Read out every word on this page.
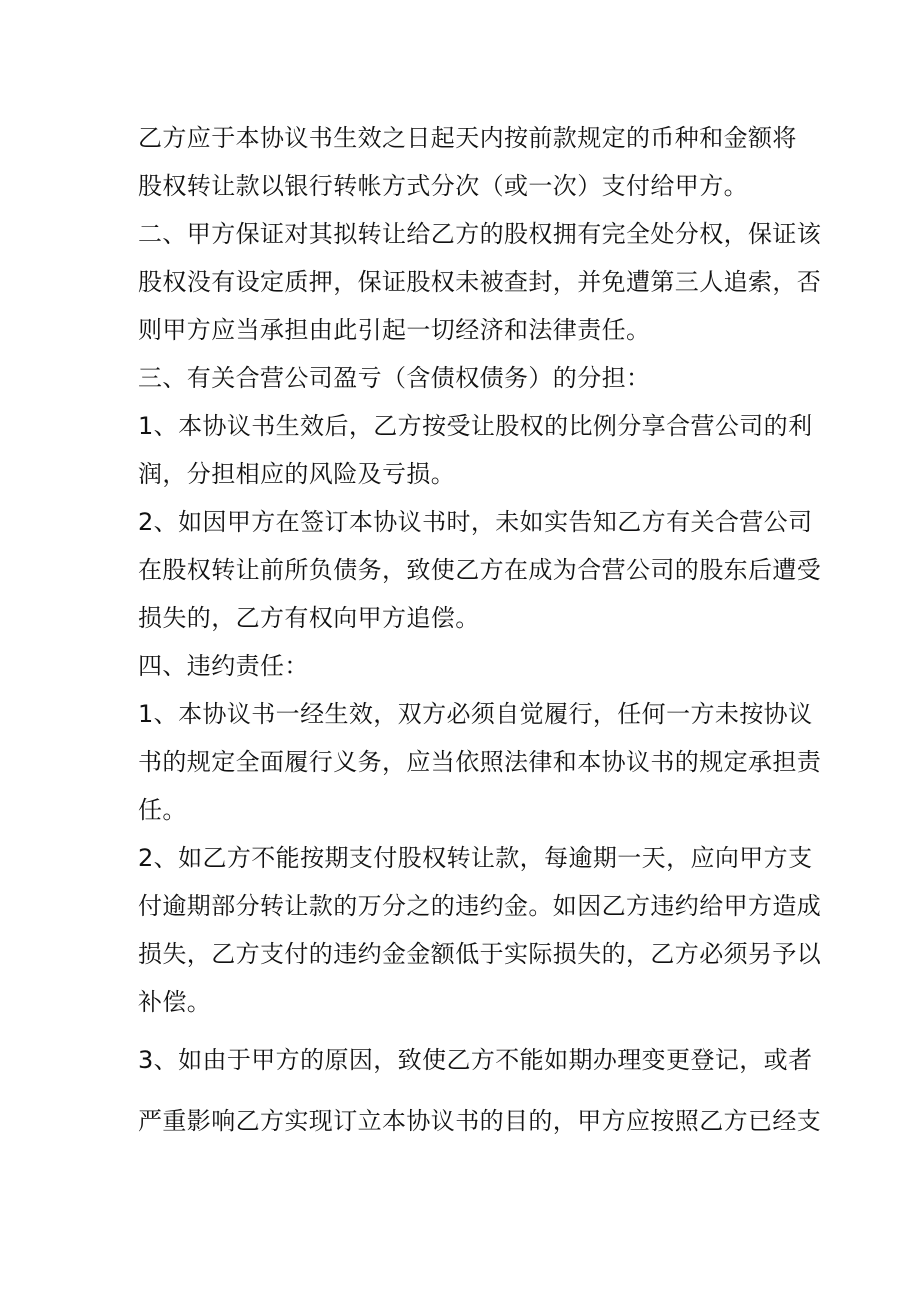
乙方应于本协议书生效之日起天内按前款规定的币种和金额将
股权转让款以银行转帐方式分次（或一次）支付给甲方。
二、甲方保证对其拟转让给乙方的股权拥有完全处分权，保证该
股权没有设定质押，保证股权未被查封，并免遭第三人追索，否
则甲方应当承担由此引起一切经济和法律责任。
三、有关合营公司盈亏（含债权债务）的分担：
1、本协议书生效后，乙方按受让股权的比例分享合营公司的利
润，分担相应的风险及亏损。
2、如因甲方在签订本协议书时，未如实告知乙方有关合营公司
在股权转让前所负债务，致使乙方在成为合营公司的股东后遭受
损失的，乙方有权向甲方追偿。
四、违约责任：
1、本协议书一经生效，双方必须自觉履行，任何一方未按协议
书的规定全面履行义务，应当依照法律和本协议书的规定承担责
任。
2、如乙方不能按期支付股权转让款，每逾期一天，应向甲方支
付逾期部分转让款的万分之的违约金。如因乙方违约给甲方造成
损失，乙方支付的违约金金额低于实际损失的，乙方必须另予以
补偿。
3、如由于甲方的原因，致使乙方不能如期办理变更登记，或者
严重影响乙方实现订立本协议书的目的，甲方应按照乙方已经支
